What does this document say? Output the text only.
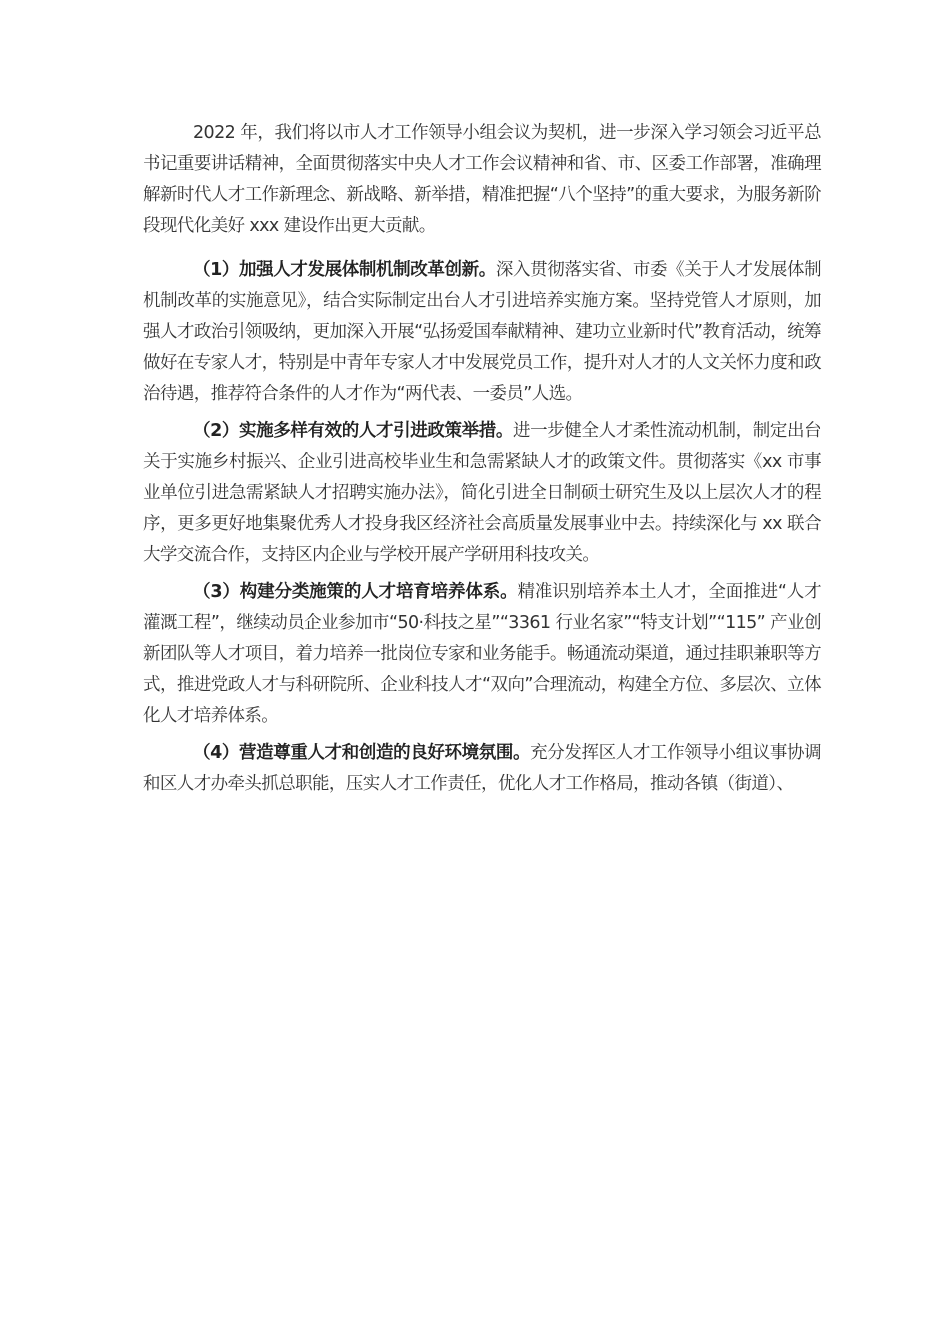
2022 年，我们将以市人才工作领导小组会议为契机，进一步深入学习领会习近平总书记重要讲话精神，全面贯彻落实中央人才工作会议精神和省、市、区委工作部署，准确理解新时代人才工作新理念、新战略、新举措，精准把握“八个坚持”的重大要求，为服务新阶段现代化美好 xxx 建设作出更大贡献。

（1）加强人才发展体制机制改革创新。深入贯彻落实省、市委《关于人才发展体制机制改革的实施意见》，结合实际制定出台人才引进培养实施方案。坚持党管人才原则，加强人才政治引领吸纳，更加深入开展“弘扬爱国奉献精神、建功立业新时代”教育活动，统筹做好在专家人才，特别是中青年专家人才中发展党员工作，提升对人才的人文关怀力度和政治待遇，推荐符合条件的人才作为“两代表、一委员”人选。

（2）实施多样有效的人才引进政策举措。进一步健全人才柔性流动机制，制定出台关于实施乡村振兴、企业引进高校毕业生和急需紧缺人才的政策文件。贯彻落实《xx 市事业单位引进急需紧缺人才招聘实施办法》，简化引进全日制硕士研究生及以上层次人才的程序，更多更好地集聚优秀人才投身我区经济社会高质量发展事业中去。持续深化与 xx 联合大学交流合作，支持区内企业与学校开展产学研用科技攻关。

（3）构建分类施策的人才培育培养体系。精准识别培养本土人才，全面推进“人才灌溉工程”，继续动员企业参加市“50·科技之星”“3361 行业名家”“特支计划”“115” 产业创新团队等人才项目，着力培养一批岗位专家和业务能手。畅通流动渠道，通过挂职兼职等方式，推进党政人才与科研院所、企业科技人才“双向”合理流动，构建全方位、多层次、立体化人才培养体系。

（4）营造尊重人才和创造的良好环境氛围。充分发挥区人才工作领导小组议事协调和区人才办牵头抓总职能，压实人才工作责任，优化人才工作格局，推动各镇（街道）、
